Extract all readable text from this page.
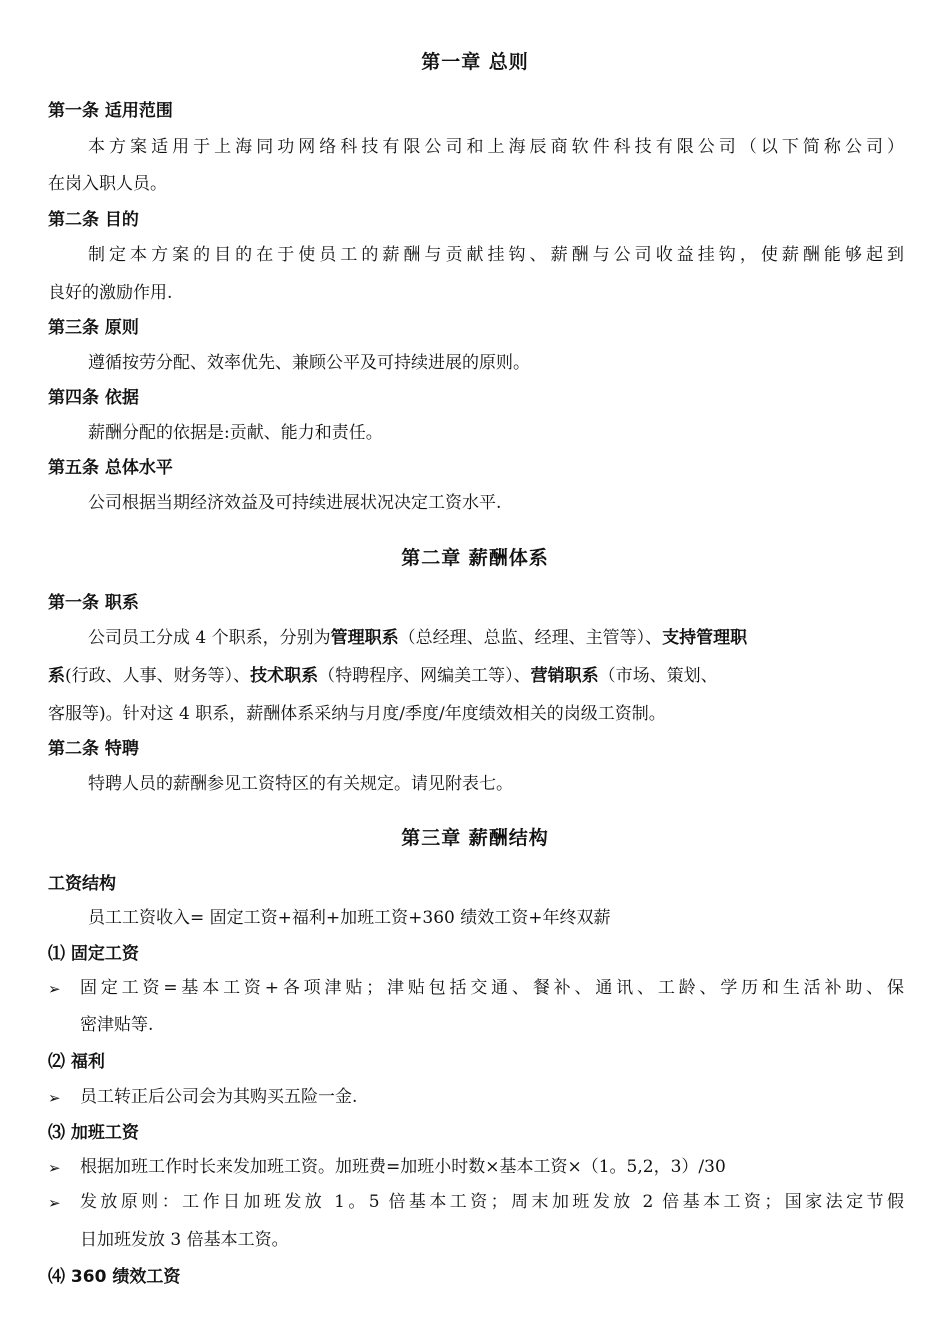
第一章 总则
第一条 适用范围
本方案适用于上海同功网络科技有限公司和上海辰商软件科技有限公司（以下简称公司）
在岗入职人员。
第二条 目的
制定本方案的目的在于使员工的薪酬与贡献挂钩、薪酬与公司收益挂钩，使薪酬能够起到
良好的激励作用.
第三条 原则
遵循按劳分配、效率优先、兼顾公平及可持续进展的原则。
第四条 依据
薪酬分配的依据是:贡献、能力和责任。
第五条 总体水平
公司根据当期经济效益及可持续进展状况决定工资水平.
第二章 薪酬体系
第一条 职系
公司员工分成 4 个职系，分别为管理职系（总经理、总监、经理、主管等）、支持管理职
系(行政、人事、财务等）、技术职系（特聘程序、网编美工等）、营销职系（市场、策划、
客服等)。针对这 4 职系，薪酬体系采纳与月度/季度/年度绩效相关的岗级工资制。
第二条 特聘
特聘人员的薪酬参见工资特区的有关规定。请见附表七。
第三章 薪酬结构
工资结构
员工工资收入= 固定工资+福利+加班工资+360 绩效工资+年终双薪
⑴ 固定工资
➢ 固定工资=基本工资+各项津贴；津贴包括交通、餐补、通讯、工龄、学历和生活补助、保
密津贴等.
⑵ 福利
➢ 员工转正后公司会为其购买五险一金.
⑶ 加班工资
➢ 根据加班工作时长来发加班工资。加班费=加班小时数×基本工资×（1。5,2，3）/30
➢ 发放原则：工作日加班发放 1。5 倍基本工资；周末加班发放 2 倍基本工资；国家法定节假
日加班发放 3 倍基本工资。
⑷ 360 绩效工资
